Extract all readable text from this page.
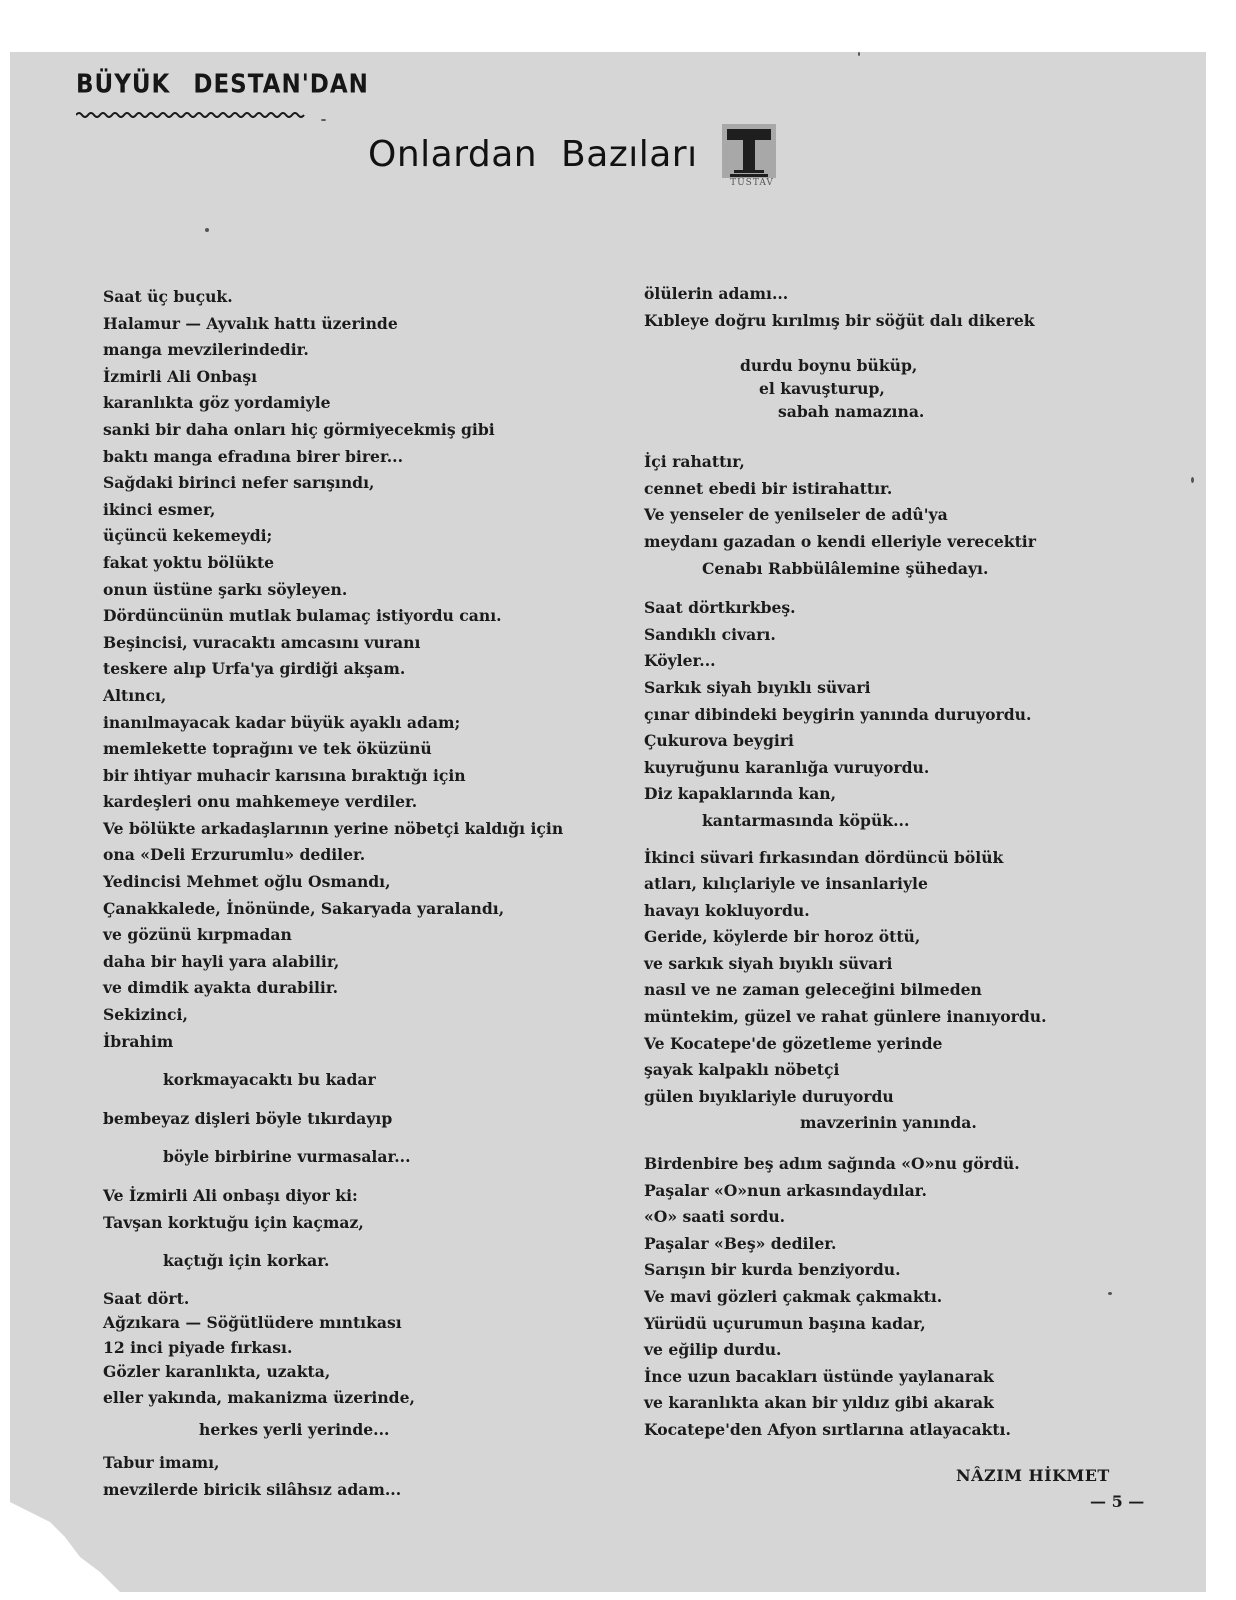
BÜYÜK DESTAN'DAN
Onlardan Bazıları
TÜSTAV
Saat üç buçuk.
Halamur — Ayvalık hattı üzerinde
manga mevzilerindedir.
İzmirli Ali Onbaşı
karanlıkta göz yordamiyle
sanki bir daha onları hiç görmiyecekmiş gibi
baktı manga efradına birer birer...
Sağdaki birinci nefer sarışındı,
ikinci esmer,
üçüncü kekemeydi;
fakat yoktu bölükte
onun üstüne şarkı söyleyen.
Dördüncünün mutlak bulamaç istiyordu canı.
Beşincisi, vuracaktı amcasını vuranı
teskere alıp Urfa'ya girdiği akşam.
Altıncı,
inanılmayacak kadar büyük ayaklı adam;
memlekette toprağını ve tek öküzünü
bir ihtiyar muhacir karısına bıraktığı için
kardeşleri onu mahkemeye verdiler.
Ve bölükte arkadaşlarının yerine nöbetçi kaldığı için
ona «Deli Erzurumlu» dediler.
Yedincisi Mehmet oğlu Osmandı,
Çanakkalede, İnönünde, Sakaryada yaralandı,
ve gözünü kırpmadan
daha bir hayli yara alabilir,
ve dimdik ayakta durabilir.
Sekizinci,
İbrahim
korkmayacaktı bu kadar
bembeyaz dişleri böyle tıkırdayıp
böyle birbirine vurmasalar...
Ve İzmirli Ali onbaşı diyor ki:
Tavşan korktuğu için kaçmaz,
kaçtığı için korkar.
Saat dört.
Ağzıkara — Söğütlüdere mıntıkası
12 inci piyade fırkası.
Gözler karanlıkta, uzakta,
eller yakında, makanizma üzerinde,
herkes yerli yerinde...
Tabur imamı,
mevzilerde biricik silâhsız adam...
ölülerin adamı...
Kıbleye doğru kırılmış bir söğüt dalı dikerek
durdu boynu büküp,
el kavuşturup,
sabah namazına.
İçi rahattır,
cennet ebedi bir istirahattır.
Ve yenseler de yenilseler de adû'ya
meydanı gazadan o kendi elleriyle verecektir
Cenabı Rabbülâlemine şühedayı.
Saat dörtkırkbeş.
Sandıklı civarı.
Köyler...
Sarkık siyah bıyıklı süvari
çınar dibindeki beygirin yanında duruyordu.
Çukurova beygiri
kuyruğunu karanlığa vuruyordu.
Diz kapaklarında kan,
kantarmasında köpük...
İkinci süvari fırkasından dördüncü bölük
atları, kılıçlariyle ve insanlariyle
havayı kokluyordu.
Geride, köylerde bir horoz öttü,
ve sarkık siyah bıyıklı süvari
nasıl ve ne zaman geleceğini bilmeden
müntekim, güzel ve rahat günlere inanıyordu.
Ve Kocatepe'de gözetleme yerinde
şayak kalpaklı nöbetçi
gülen bıyıklariyle duruyordu
mavzerinin yanında.
Birdenbire beş adım sağında «O»nu gördü.
Paşalar «O»nun arkasındaydılar.
«O» saati sordu.
Paşalar «Beş» dediler.
Sarışın bir kurda benziyordu.
Ve mavi gözleri çakmak çakmaktı.
Yürüdü uçurumun başına kadar,
ve eğilip durdu.
İnce uzun bacakları üstünde yaylanarak
ve karanlıkta akan bir yıldız gibi akarak
Kocatepe'den Afyon sırtlarına atlayacaktı.
NÂZIM HİKMET
— 5 —
